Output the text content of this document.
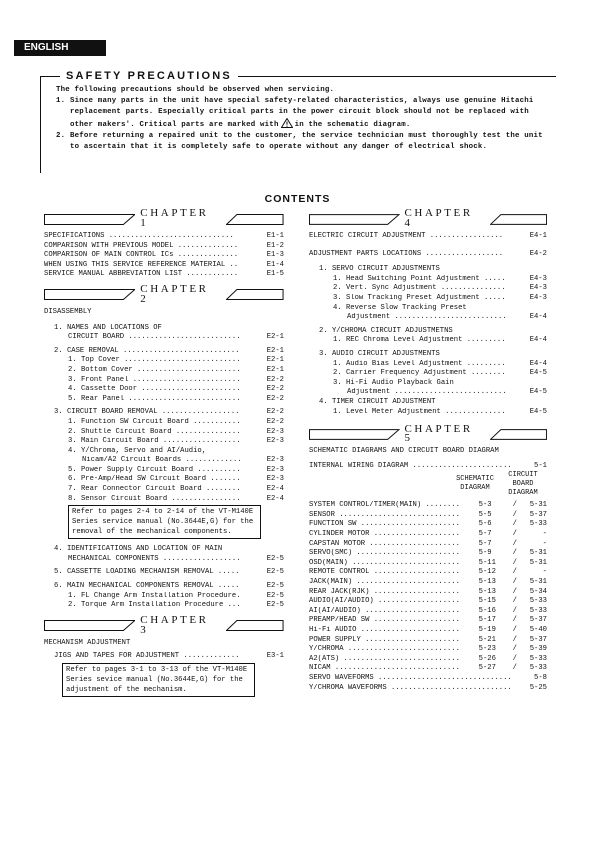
ENGLISH
SAFETY PRECAUTIONS
The following precautions should be observed when servicing.
1. Since many parts in the unit have special safety-related characteristics, always use genuine Hitachi replacement parts. Especially critical parts in the power circuit block should not be replaced with other makers'. Critical parts are marked with in the schematic diagram.
2. Before returning a repaired unit to the customer, the service technician must thoroughly test the unit to ascertain that it is completely safe to operate without any danger of electrical shock.
CONTENTS
CHAPTER 1
SPECIFICATIONS .............................	E1-1
COMPARISON WITH PREVIOUS MODEL ..............	E1-2
COMPARISON OF MAIN CONTROL ICs ..............	E1-3
WHEN USING THIS SERVICE REFERENCE MATERIAL ..	E1-4
SERVICE MANUAL ABBREVIATION LIST ............	E1-5
CHAPTER 2
DISASSEMBLY
1. NAMES AND LOCATIONS OF
CIRCUIT BOARD ..........................	E2-1
2. CASE REMOVAL ...........................	E2-1
1. Top Cover ...........................	E2-1
2. Bottom Cover ........................	E2-1
3. Front Panel .........................	E2-2
4. Cassette Door .......................	E2-2
5. Rear Panel ..........................	E2-2
3. CIRCUIT BOARD REMOVAL ..................	E2-2
1. Function SW Circuit Board ...........	E2-2
2. Shuttle Circuit Board ...............	E2-3
3. Main Circuit Board ..................	E2-3
4. Y/Chroma, Servo and AI/Audio,
Nicam/A2 Circuit Boards .............	E2-3
5. Power Supply Circuit Board ..........	E2-3
6. Pre-Amp/Head SW Circuit Board .......	E2-3
7. Rear Connector Circuit Board ........	E2-4
8. Sensor Circuit Board ................	E2-4
Refer to pages 2-4 to 2-14 of the VT-M140E
Series service manual (No.3644E,G) for the
removal of the mechanical components.
4. IDENTIFICATIONS AND LOCATION OF MAIN
MECHANICAL COMPONENTS ..................	E2-5
5. CASSETTE LOADING MECHANISM REMOVAL .....	E2-5
6. MAIN MECHANICAL COMPONENTS REMOVAL .....	E2-5
1. FL Change Arm Installation Procedure.	E2-5
2. Torque Arm Installation Procedure ...	E2-5
CHAPTER 3
MECHANISM ADJUSTMENT
JIGS AND TAPES FOR ADJUSTMENT .............	E3-1
Refer to pages 3-1 to 3-13 of the VT-M140E
Series sevice manual (No.3644E,G) for the
adjustment of the mechanism.
CHAPTER 4
ELECTRIC CIRCUIT ADJUSTMENT .................	E4-1
ADJUSTMENT PARTS LOCATIONS ..................	E4-2
1. SERVO CIRCUIT ADJUSTMENTS
1. Head Switching Point Adjustment .....	E4-3
2. Vert. Sync Adjustment ...............	E4-3
3. Slow Tracking Preset Adjustment .....	E4-3
4. Reverse Slow Tracking Preset
Adjustment ..........................	E4-4
2. Y/CHROMA CIRCUIT ADJUSTMETNS
1. REC Chroma Level Adjustment .........	E4-4
3. AUDIO CIRCUIT ADJUSTMENTS
1. Audio Bias Level Adjustment .........	E4-4
2. Carrier Frequency Adjustment ........	E4-5
3. Hi-Fi Audio Playback Gain
Adjustment ..........................	E4-5
4. TIMER CIRCUIT ADJUSTMENT
1. Level Meter Adjustment ..............	E4-5
CHAPTER 5
SCHEMATIC DIAGRAMS AND CIRCUIT BOARD DIAGRAM
INTERNAL WIRING DIAGRAM .......................	5-1
SCHEMATIC DIAGRAM
CIRCUIT BOARD DIAGRAM
SYSTEM CONTROL/TIMER(MAIN) ........	5-3	/	5-31
SENSOR ............................	5-5	/	5-37
FUNCTION SW .......................	5-6	/	5-33
CYLINDER MOTOR ....................	5-7	/	-
CAPSTAN MOTOR .....................	5-7	/	-
SERVO(SMC) ........................	5-9	/	5-31
OSD(MAIN) .........................	5-11	/	5-31
REMOTE CONTROL ....................	5-12	/	-
JACK(MAIN) ........................	5-13	/	5-31
REAR JACK(RJK) ....................	5-13	/	5-34
AUDIO(AI/AUDIO) ...................	5-15	/	5-33
AI(AI/AUDIO) ......................	5-16	/	5-33
PREAMP/HEAD SW ....................	5-17	/	5-37
Hi-Fi AUDIO .......................	5-19	/	5-40
POWER SUPPLY ......................	5-21	/	5-37
Y/CHROMA ..........................	5-23	/	5-39
A2(ATS) ...........................	5-26	/	5-33
NICAM .............................	5-27	/	5-33
SERVO WAVEFORMS ...............................	5-8
Y/CHROMA WAVEFORMS ............................	5-25
